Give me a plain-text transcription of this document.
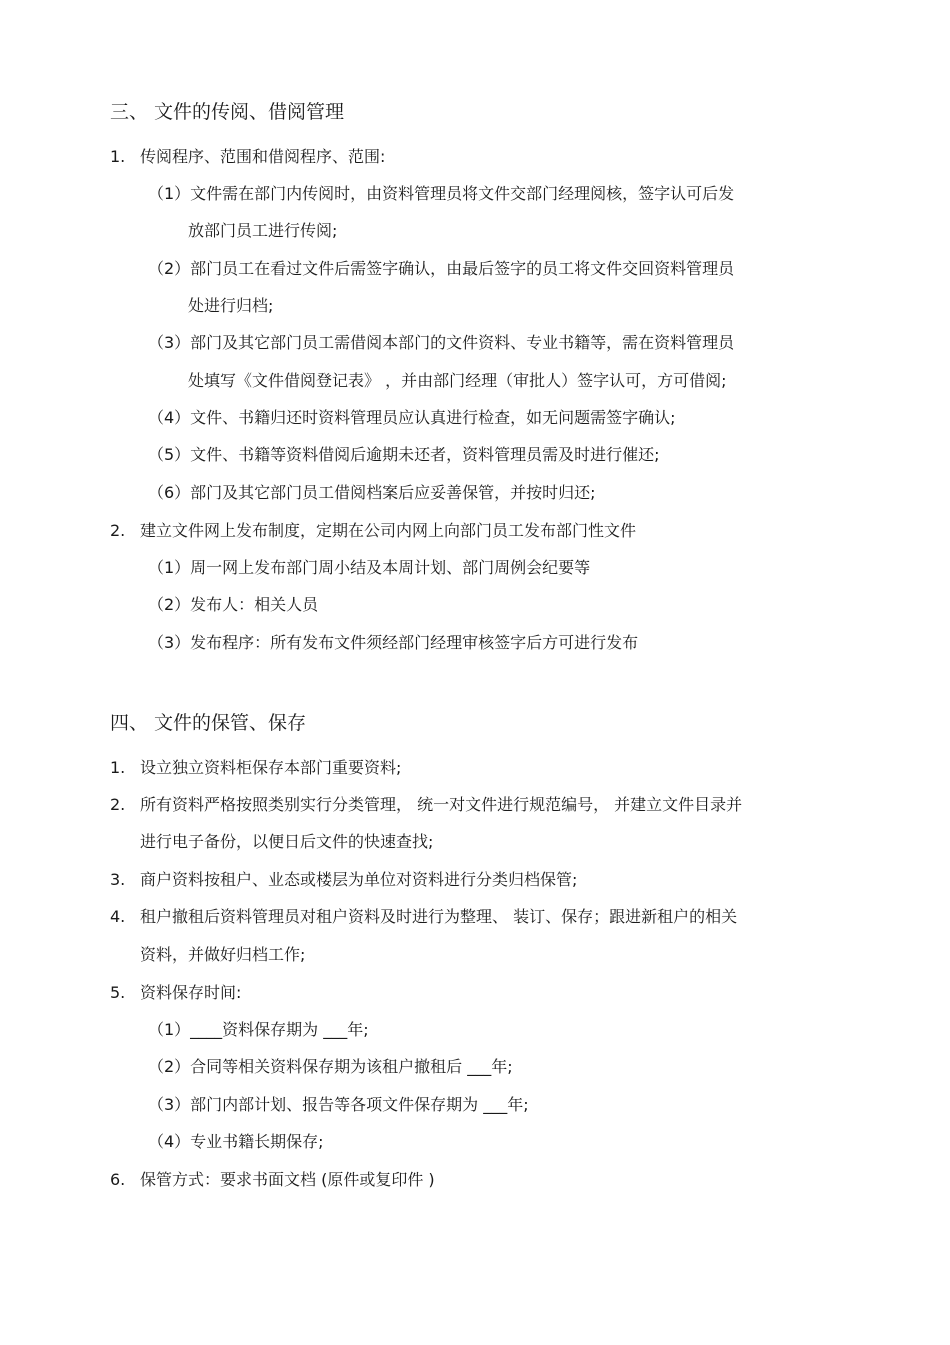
三、 文件的传阅、借阅管理
1. 传阅程序、范围和借阅程序、范围:
（1）文件需在部门内传阅时，由资料管理员将文件交部门经理阅核，签字认可后发
放部门员工进行传阅;
（2）部门员工在看过文件后需签字确认，由最后签字的员工将文件交回资料管理员
处进行归档;
（3）部门及其它部门员工需借阅本部门的文件资料、专业书籍等，需在资料管理员
处填写《文件借阅登记表》 ，并由部门经理（审批人）签字认可，方可借阅;
（4）文件、书籍归还时资料管理员应认真进行检查，如无问题需签字确认;
（5）文件、书籍等资料借阅后逾期未还者，资料管理员需及时进行催还;
（6）部门及其它部门员工借阅档案后应妥善保管，并按时归还;
2. 建立文件网上发布制度，定期在公司内网上向部门员工发布部门性文件
（1）周一网上发布部门周小结及本周计划、部门周例会纪要等
（2）发布人：相关人员
（3）发布程序：所有发布文件须经部门经理审核签字后方可进行发布
四、 文件的保管、保存
1. 设立独立资料柜保存本部门重要资料;
2. 所有资料严格按照类别实行分类管理， 统一对文件进行规范编号， 并建立文件目录并
进行电子备份，以便日后文件的快速查找;
3. 商户资料按租户、业态或楼层为单位对资料进行分类归档保管;
4. 租户撤租后资料管理员对租户资料及时进行为整理、 装订、保存；跟进新租户的相关
资料，并做好归档工作;
5. 资料保存时间:
（1）____资料保存期为 ___年;
（2）合同等相关资料保存期为该租户撤租后 ___年;
（3）部门内部计划、报告等各项文件保存期为 ___年;
（4）专业书籍长期保存;
6. 保管方式：要求书面文档 (原件或复印件 )
